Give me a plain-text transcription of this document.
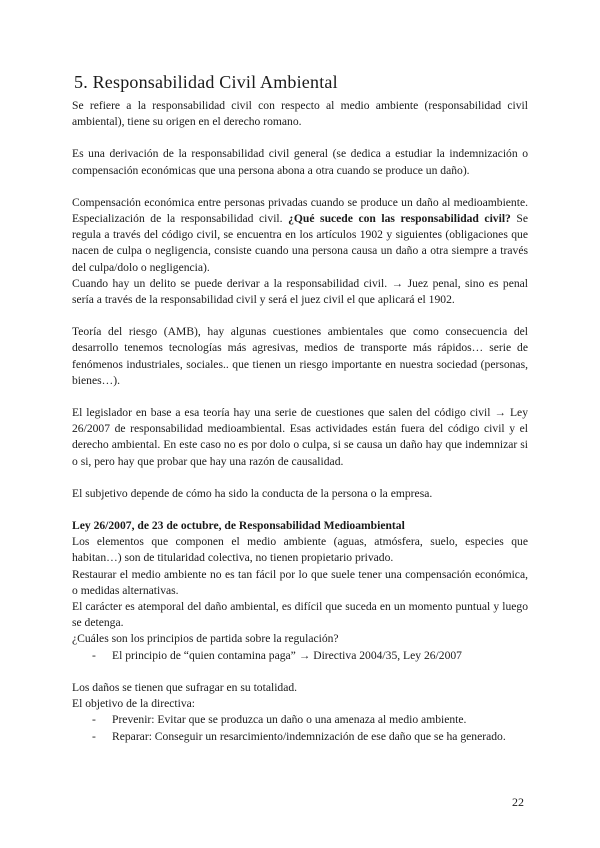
5. Responsabilidad Civil Ambiental

Se refiere a la responsabilidad civil con respecto al medio ambiente (responsabilidad civil ambiental), tiene su origen en el derecho romano.

Es una derivación de la responsabilidad civil general (se dedica a estudiar la indemnización o compensación económicas que una persona abona a otra cuando se produce un daño).

Compensación económica entre personas privadas cuando se produce un daño al medioambiente. Especialización de la responsabilidad civil. ¿Qué sucede con las responsabilidad civil? Se regula a través del código civil, se encuentra en los artículos 1902 y siguientes (obligaciones que nacen de culpa o negligencia, consiste cuando una persona causa un daño a otra siempre a través del culpa/dolo o negligencia).

Cuando hay un delito se puede derivar a la responsabilidad civil. → Juez penal, sino es penal sería a través de la responsabilidad civil y será el juez civil el que aplicará el 1902.

Teoría del riesgo (AMB), hay algunas cuestiones ambientales que como consecuencia del desarrollo tenemos tecnologías más agresivas, medios de transporte más rápidos… serie de fenómenos industriales, sociales.. que tienen un riesgo importante en nuestra sociedad (personas, bienes…).

El legislador en base a esa teoría hay una serie de cuestiones que salen del código civil → Ley 26/2007 de responsabilidad medioambiental. Esas actividades están fuera del código civil y el derecho ambiental. En este caso no es por dolo o culpa, si se causa un daño hay que indemnizar si o si, pero hay que probar que hay una razón de causalidad.

El subjetivo depende de cómo ha sido la conducta de la persona o la empresa.

Ley 26/2007, de 23 de octubre, de Responsabilidad Medioambiental

Los elementos que componen el medio ambiente (aguas, atmósfera, suelo, especies que habitan…) son de titularidad colectiva, no tienen propietario privado.

Restaurar el medio ambiente no es tan fácil por lo que suele tener una compensación económica, o medidas alternativas.

El carácter es atemporal del daño ambiental, es difícil que suceda en un momento puntual y luego se detenga.

¿Cuáles son los principios de partida sobre la regulación?

- El principio de “quien contamina paga” → Directiva 2004/35, Ley 26/2007

Los daños se tienen que sufragar en su totalidad.

El objetivo de la directiva:

- Prevenir: Evitar que se produzca un daño o una amenaza al medio ambiente.
- Reparar: Conseguir un resarcimiento/indemnización de ese daño que se ha generado.
22
